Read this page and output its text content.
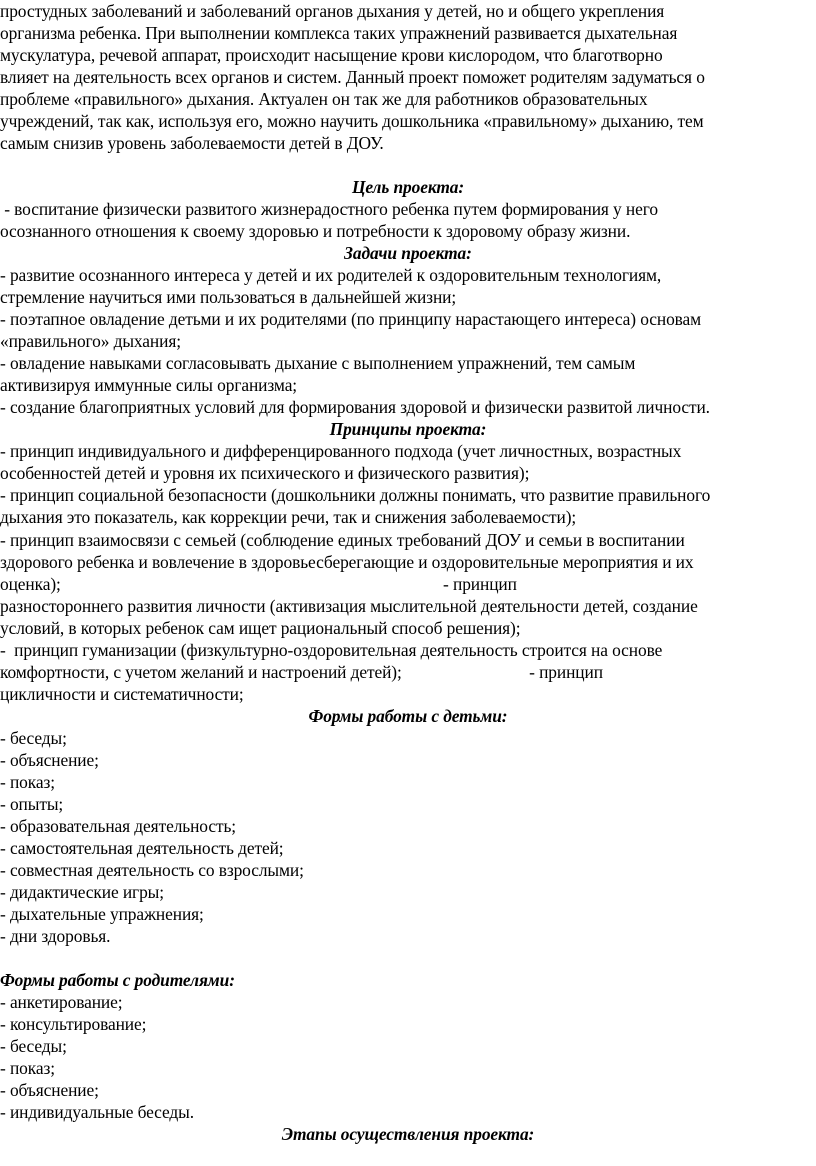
простудных заболеваний и заболеваний органов дыхания у детей, но и общего укрепления
организма ребенка. При выполнении комплекса таких упражнений развивается дыхательная
мускулатура, речевой аппарат, происходит насыщение крови кислородом, что благотворно
влияет на деятельность всех органов и систем. Данный проект поможет родителям задуматься о
проблеме «правильного» дыхания. Актуален он так же для работников образовательных
учреждений, так как, используя его, можно научить дошкольника «правильному» дыханию, тем
самым снизив уровень заболеваемости детей в ДОУ.
Цель проекта:
- воспитание физически развитого жизнерадостного ребенка путем формирования у него
осознанного отношения к своему здоровью и потребности к здоровому образу жизни.
Задачи проекта:
- развитие осознанного интереса у детей и их родителей к оздоровительным технологиям,
стремление научиться ими пользоваться в дальнейшей жизни;
- поэтапное овладение детьми и их родителями (по принципу нарастающего интереса) основам
«правильного» дыхания;
- овладение навыками согласовывать дыхание с выполнением упражнений, тем самым
активизируя иммунные силы организма;
- создание благоприятных условий для формирования здоровой и физически развитой личности.
Принципы проекта:
- принцип индивидуального и дифференцированного подхода (учет личностных, возрастных
особенностей детей и уровня их психического и физического развития);
- принцип социальной безопасности (дошкольники должны понимать, что развитие правильного
дыхания это показатель, как коррекции речи, так и снижения заболеваемости);
- принцип взаимосвязи с семьей (соблюдение единых требований ДОУ и семьи в воспитании
здорового ребенка и вовлечение в здоровьесберегающие и оздоровительные мероприятия и их
оценка);                                                                                          - принцип
разностороннего развития личности (активизация мыслительной деятельности детей, создание
условий, в которых ребенок сам ищет рациональный способ решения);
-  принцип гуманизации (физкультурно-оздоровительная деятельность строится на основе
комфортности, с учетом желаний и настроений детей);                              - принцип
цикличности и систематичности;
Формы работы с детьми:
- беседы;
- объяснение;
- показ;
- опыты;
- образовательная деятельность;
- самостоятельная деятельность детей;
- совместная деятельность со взрослыми;
- дидактические игры;
- дыхательные упражнения;
- дни здоровья.
Формы работы с родителями:
- анкетирование;
- консультирование;
- беседы;
- показ;
- объяснение;
- индивидуальные беседы.
Этапы осуществления проекта:
